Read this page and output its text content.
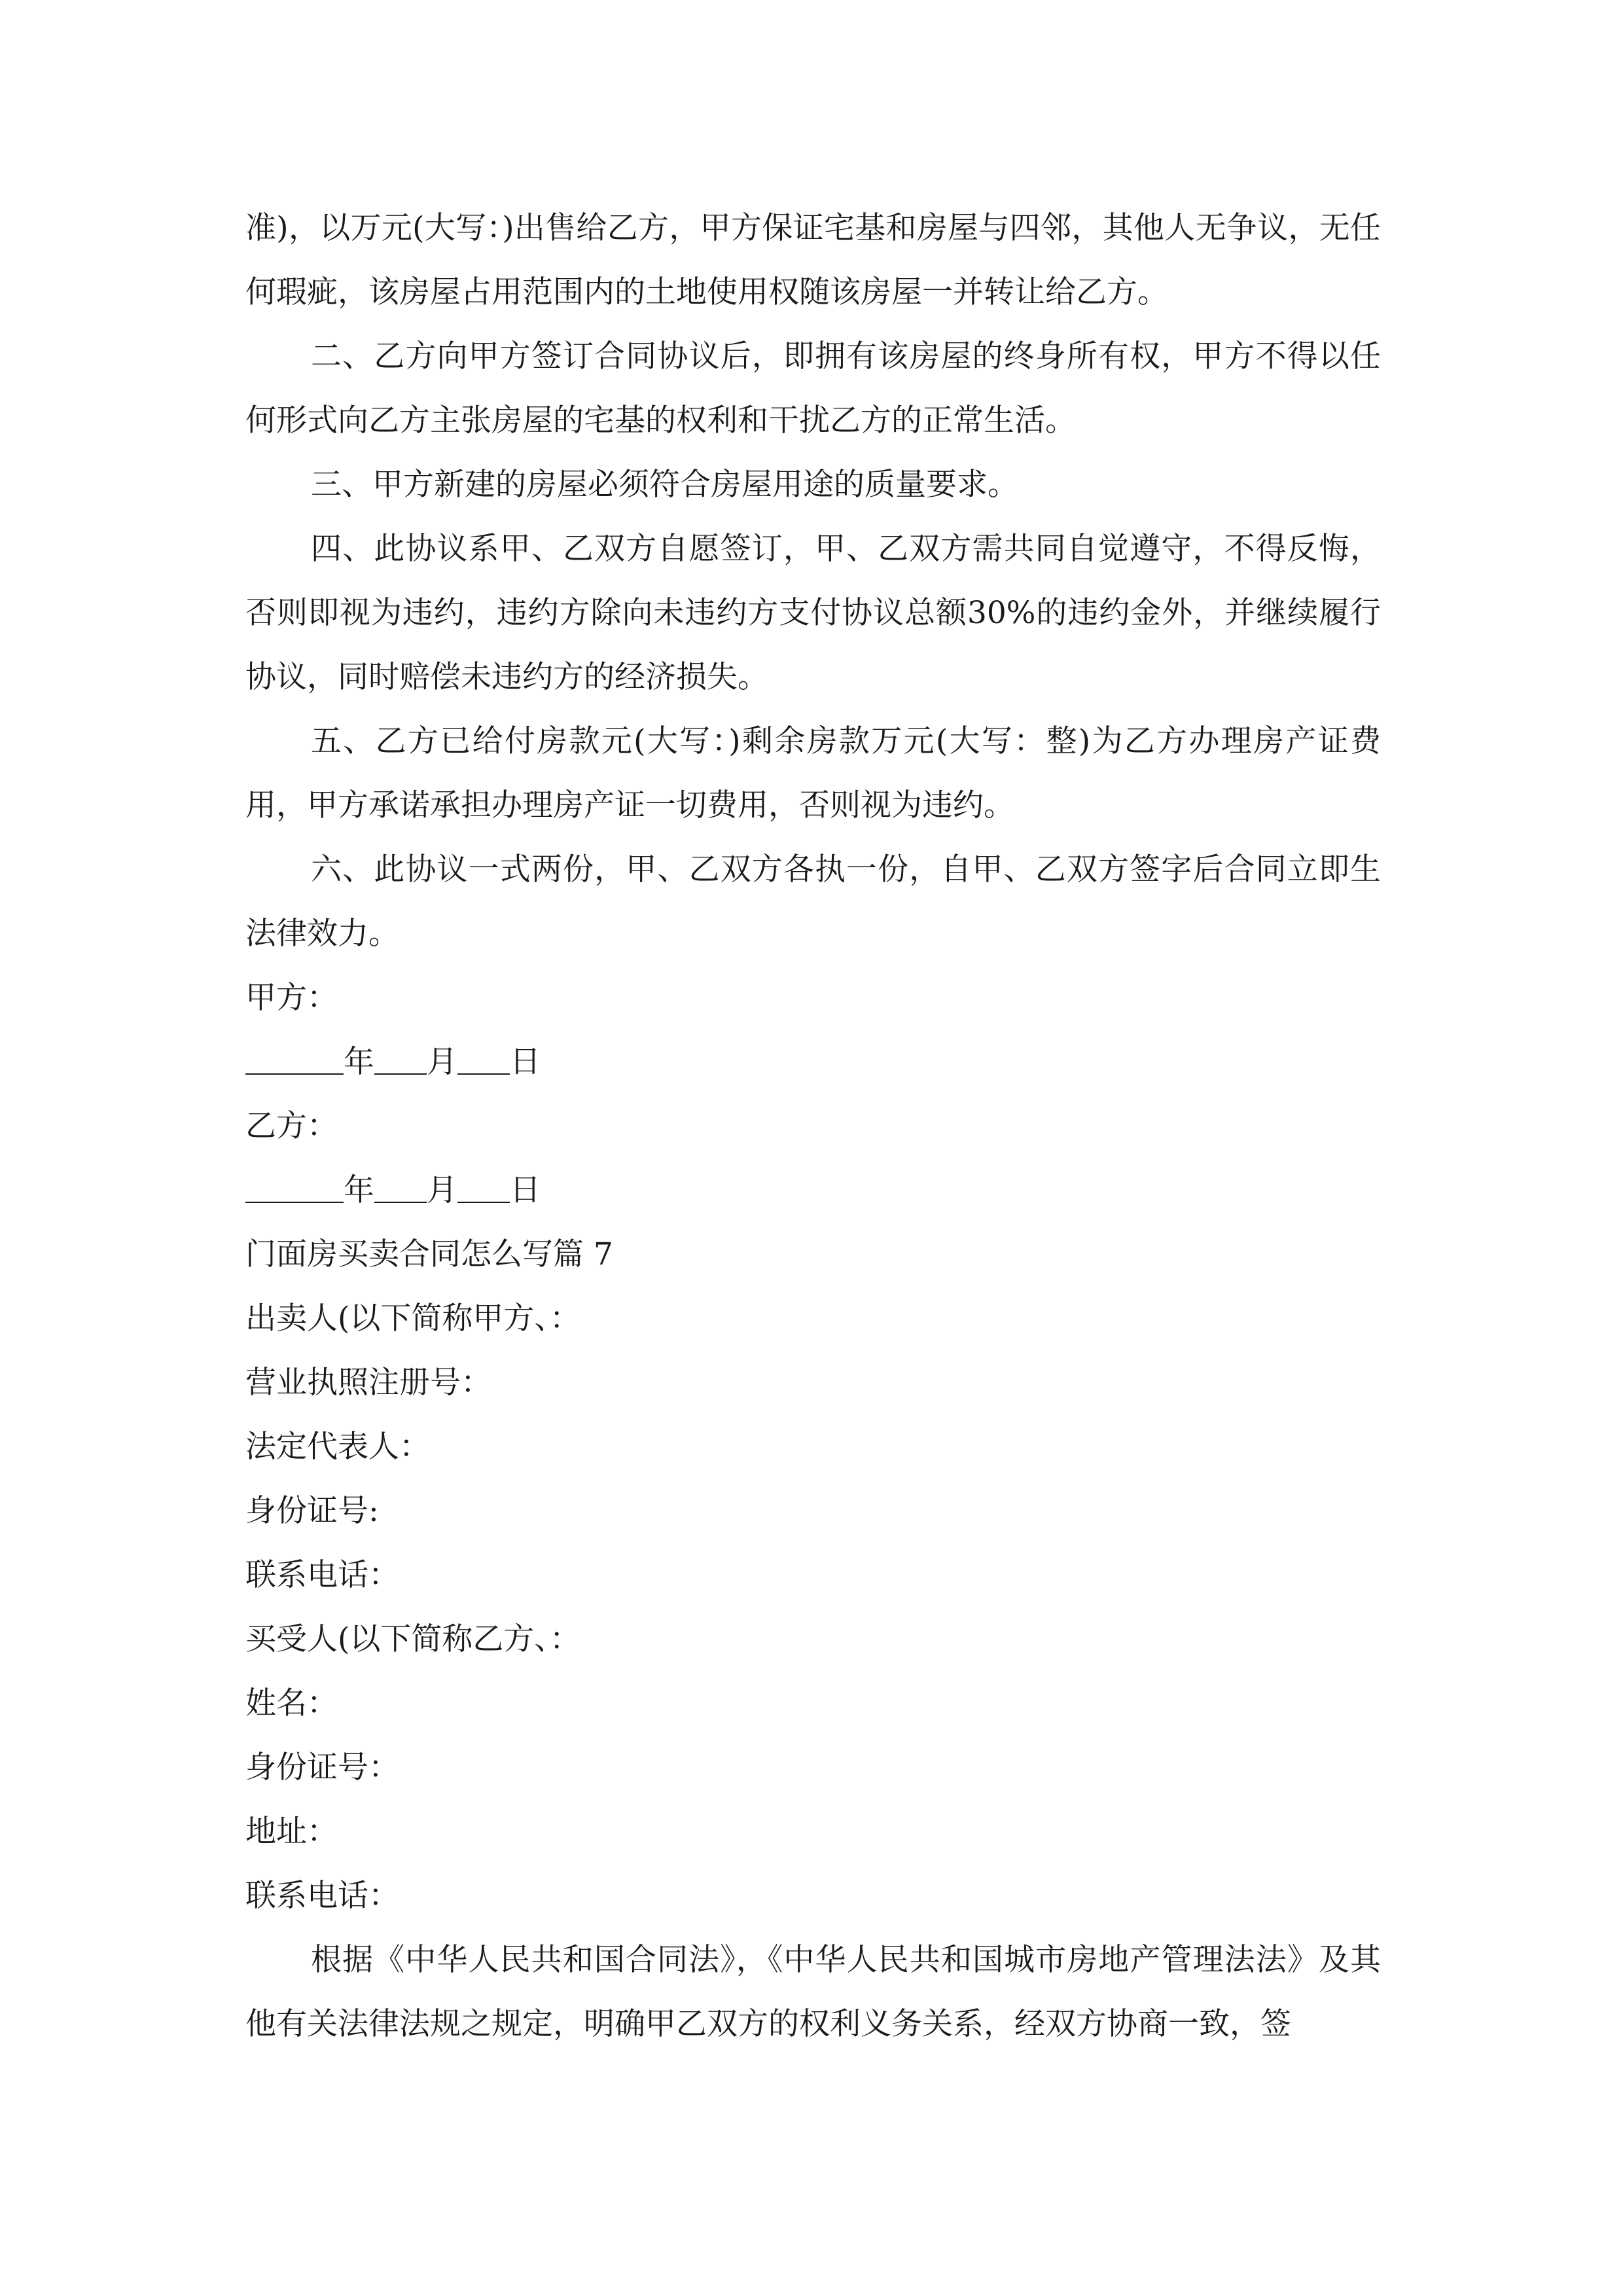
准)，以万元(大写：)出售给乙方，甲方保证宅基和房屋与四邻，其他人无争议，无任何瑕疵，该房屋占用范围内的土地使用权随该房屋一并转让给乙方。

二、乙方向甲方签订合同协议后，即拥有该房屋的终身所有权，甲方不得以任何形式向乙方主张房屋的宅基的权利和干扰乙方的正常生活。

三、甲方新建的房屋必须符合房屋用途的质量要求。

四、此协议系甲、乙双方自愿签订，甲、乙双方需共同自觉遵守，不得反悔，否则即视为违约，违约方除向未违约方支付协议总额30%的违约金外，并继续履行协议，同时赔偿未违约方的经济损失。

五、乙方已给付房款元(大写：)剩余房款万元(大写：整)为乙方办理房产证费用，甲方承诺承担办理房产证一切费用，否则视为违约。

六、此协议一式两份，甲、乙双方各执一份，自甲、乙双方签字后合同立即生法律效力。

甲方：

年 月 日

乙方：

年 月 日

门面房买卖合同怎么写篇 7

出卖人(以下简称甲方、：

营业执照注册号：

法定代表人：

身份证号:

联系电话：

买受人(以下简称乙方、：

姓名：

身份证号：

地址：

联系电话：

根据《中华人民共和国合同法》，《中华人民共和国城市房地产管理法法》及其他有关法律法规之规定，明确甲乙双方的权利义务关系，经双方协商一致，签
